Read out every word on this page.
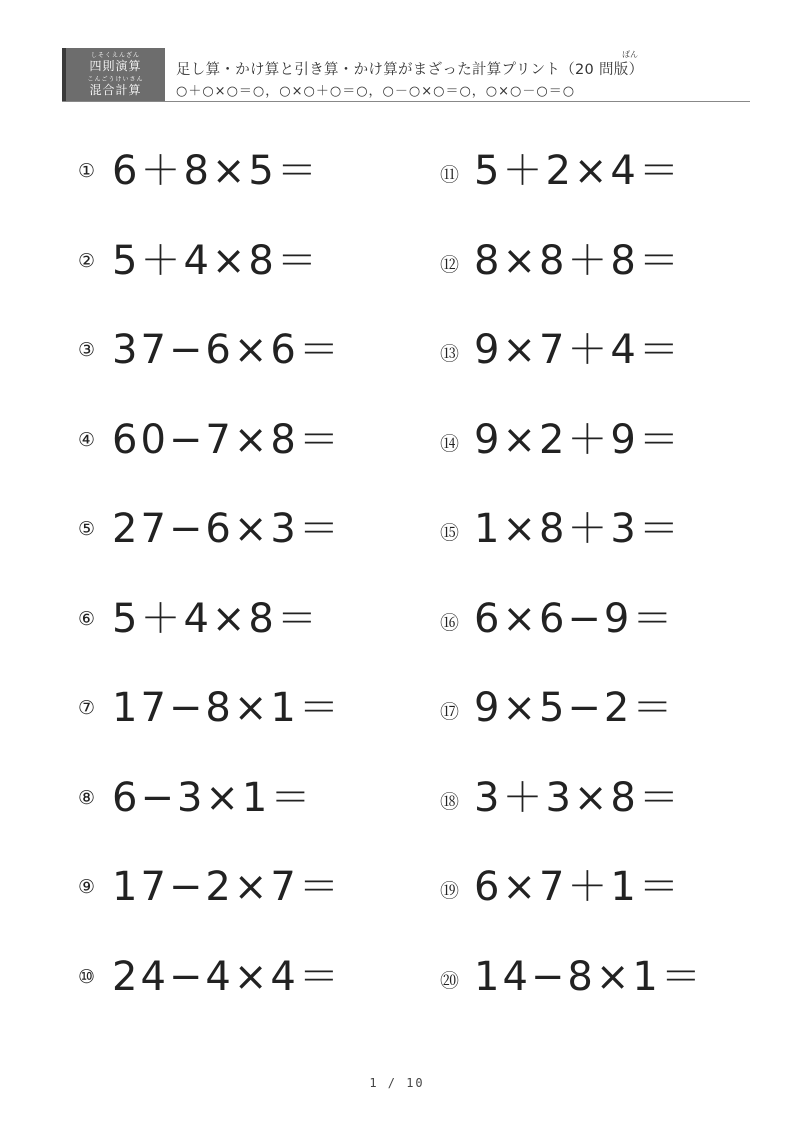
しそくえんざん
四則演算
こんごうけいさん
混合計算
ばん
足し算・かけ算と引き算・かけ算がまざった計算プリント（20 問版）
○＋○×○＝○，○×○＋○＝○，○－○×○＝○，○×○－○＝○
① 6＋8×5＝
② 5＋4×8＝
③ 37−6×6＝
④ 60−7×8＝
⑤ 27−6×3＝
⑥ 5＋4×8＝
⑦ 17−8×1＝
⑧ 6−3×1＝
⑨ 17−2×7＝
⑩ 24−4×4＝
⑪ 5＋2×4＝
⑫ 8×8＋8＝
⑬ 9×7＋4＝
⑭ 9×2＋9＝
⑮ 1×8＋3＝
⑯ 6×6−9＝
⑰ 9×5−2＝
⑱ 3＋3×8＝
⑲ 6×7＋1＝
⑳ 14−8×1＝
1 / 10
